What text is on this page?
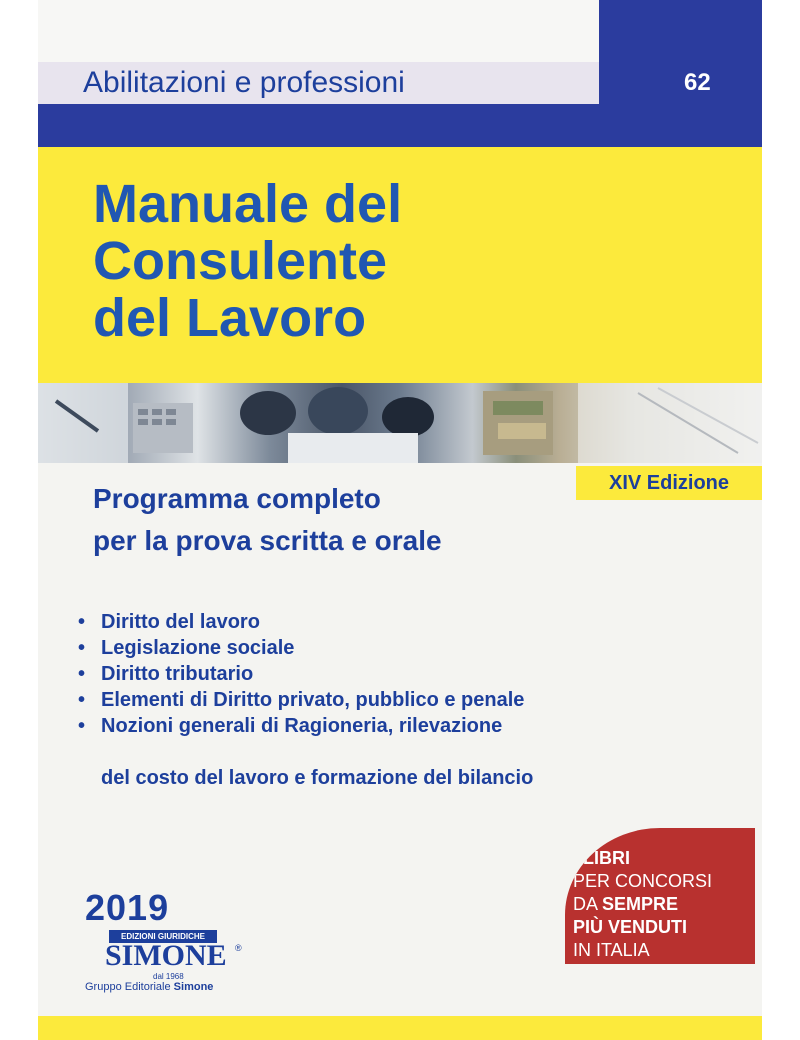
Abilitazioni e professioni	62
Manuale del
Consulente
del Lavoro
XIV Edizione
Programma completo
per la prova scritta e orale
• Diritto del lavoro
• Legislazione sociale
• Diritto tributario
• Elementi di Diritto privato, pubblico e penale
• Nozioni generali di Ragioneria, rilevazione
del costo del lavoro e formazione del bilancio
2019
EDIZIONI GIURIDICHE
SIMONE ®
dal 1968
Gruppo Editoriale Simone
I LIBRI
PER CONCORSI
DA SEMPRE
PIÙ VENDUTI
IN ITALIA
